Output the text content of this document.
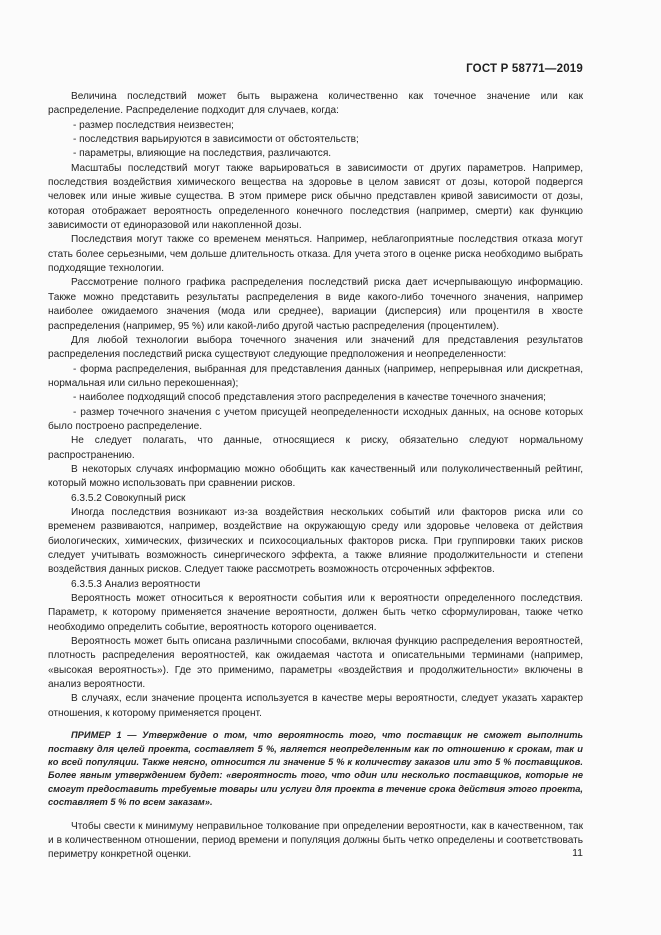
ГОСТ Р 58771—2019

Величина последствий может быть выражена количественно как точечное значение или как распределение. Распределение подходит для случаев, когда:

- размер последствия неизвестен;

- последствия варьируются в зависимости от обстоятельств;

- параметры, влияющие на последствия, различаются.

Масштабы последствий могут также варьироваться в зависимости от других параметров. Например, последствия воздействия химического вещества на здоровье в целом зависят от дозы, которой подвергся человек или иные живые существа. В этом примере риск обычно представлен кривой зависимости от дозы, которая отображает вероятность определенного конечного последствия (например, смерти) как функцию зависимости от единоразовой или накопленной дозы.

Последствия могут также со временем меняться. Например, неблагоприятные последствия отказа могут стать более серьезными, чем дольше длительность отказа. Для учета этого в оценке риска необходимо выбрать подходящие технологии.

Рассмотрение полного графика распределения последствий риска дает исчерпывающую информацию. Также можно представить результаты распределения в виде какого-либо точечного значения, например наиболее ожидаемого значения (мода или среднее), вариации (дисперсия) или процентиля в хвосте распределения (например, 95 %) или какой-либо другой частью распределения (процентилем).

Для любой технологии выбора точечного значения или значений для представления результатов распределения последствий риска существуют следующие предположения и неопределенности:

- форма распределения, выбранная для представления данных (например, непрерывная или дискретная, нормальная или сильно перекошенная);

- наиболее подходящий способ представления этого распределения в качестве точечного значения;

- размер точечного значения с учетом присущей неопределенности исходных данных, на основе которых было построено распределение.

Не следует полагать, что данные, относящиеся к риску, обязательно следуют нормальному распространению.

В некоторых случаях информацию можно обобщить как качественный или полуколичественный рейтинг, который можно использовать при сравнении рисков.

6.3.5.2 Совокупный риск

Иногда последствия возникают из-за воздействия нескольких событий или факторов риска или со временем развиваются, например, воздействие на окружающую среду или здоровье человека от действия биологических, химических, физических и психосоциальных факторов риска. При группировки таких рисков следует учитывать возможность синергического эффекта, а также влияние продолжительности и степени воздействия данных рисков. Следует также рассмотреть возможность отсроченных эффектов.

6.3.5.3 Анализ вероятности

Вероятность может относиться к вероятности события или к вероятности определенного последствия. Параметр, к которому применяется значение вероятности, должен быть четко сформулирован, также четко необходимо определить событие, вероятность которого оценивается.

Вероятность может быть описана различными способами, включая функцию распределения вероятностей, плотность распределения вероятностей, как ожидаемая частота и описательными терминами (например, «высокая вероятность»). Где это применимо, параметры «воздействия и продолжительности» включены в анализ вероятности.

В случаях, если значение процента используется в качестве меры вероятности, следует указать характер отношения, к которому применяется процент.

ПРИМЕР 1 — Утверждение о том, что вероятность того, что поставщик не сможет выполнить поставку для целей проекта, составляет 5 %, является неопределенным как по отношению к срокам, так и ко всей популяции. Также неясно, относится ли значение 5 % к количеству заказов или это 5 % поставщиков. Более явным утверждением будет: «вероятность того, что один или несколько поставщиков, которые не смогут предоставить требуемые товары или услуги для проекта в течение срока действия этого проекта, составляет 5 % по всем заказам».

Чтобы свести к минимуму неправильное толкование при определении вероятности, как в качественном, так и в количественном отношении, период времени и популяция должны быть четко определены и соответствовать периметру конкретной оценки.	11
